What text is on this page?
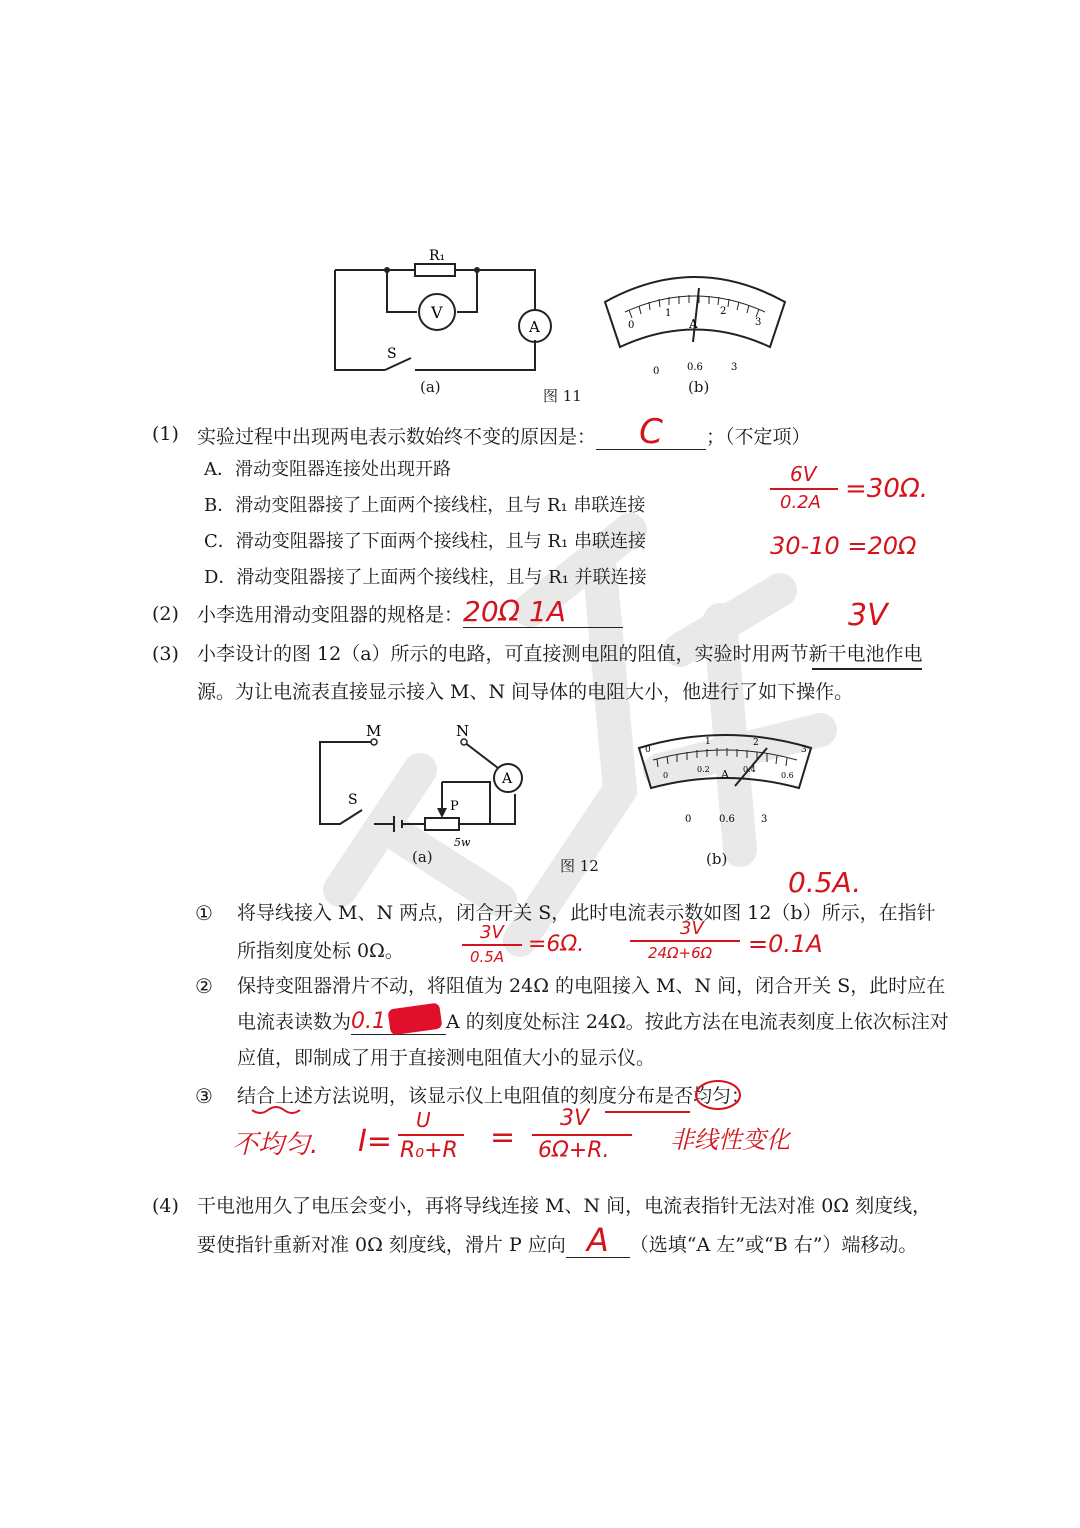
R₁
V
A
S
(a)
0
1	2
3
A
0	0.6	3
图 11	(b)
(1) 实验过程中出现两电表示数始终不变的原因是： C ；（不定项）
A．滑动变阻器连接处出现开路
B．滑动变阻器接了上面两个接线柱，且与 R₁ 串联连接
C．滑动变阻器接了下面两个接线柱，且与 R₁ 串联连接
D．滑动变阻器接了上面两个接线柱，且与 R₁ 并联连接
6V
0.2A =30Ω.
30-10 =20Ω
(2) 小李选用滑动变阻器的规格是：20Ω 1A	3V
(3) 小李设计的图 12（a）所示的电路，可直接测电阻的阻值，实验时用两节新干电池作电
源。为让电流表直接显示接入 M、N 间导体的电阻大小，他进行了如下操作。
M	N
S	P
A
5w
(a)
0
1	2
3
0
0.2	0.4
0.6
A
0	0.6	3
图 12	(b)
0.5A.
① 将导线接入 M、N 两点，闭合开关 S，此时电流表示数如图 12（b）所示，在指针
所指刻度处标 0Ω。
3V
0.5A =6Ω.
3V
24Ω+6Ω =0.1A
② 保持变阻器滑片不动，将阻值为 24Ω 的电阻接入 M、N 间，闭合开关 S，此时应在
电流表读数为0.1	A 的刻度处标注 24Ω。按此方法在电流表刻度上依次标注对
应值，即制成了用于直接测电阻值大小的显示仪。
③ 结合上述方法说明，该显示仪上电阻值的刻度分布是否均匀：
不均匀. I=
U
R₀+R =
3V
6Ω+R.	非线性变化
(4) 干电池用久了电压会变小，再将导线连接 M、N 间，电流表指针无法对准 0Ω 刻度线，
要使指针重新对准 0Ω 刻度线，滑片 P 应向 A （选填“A 左”或“B 右”）端移动。
